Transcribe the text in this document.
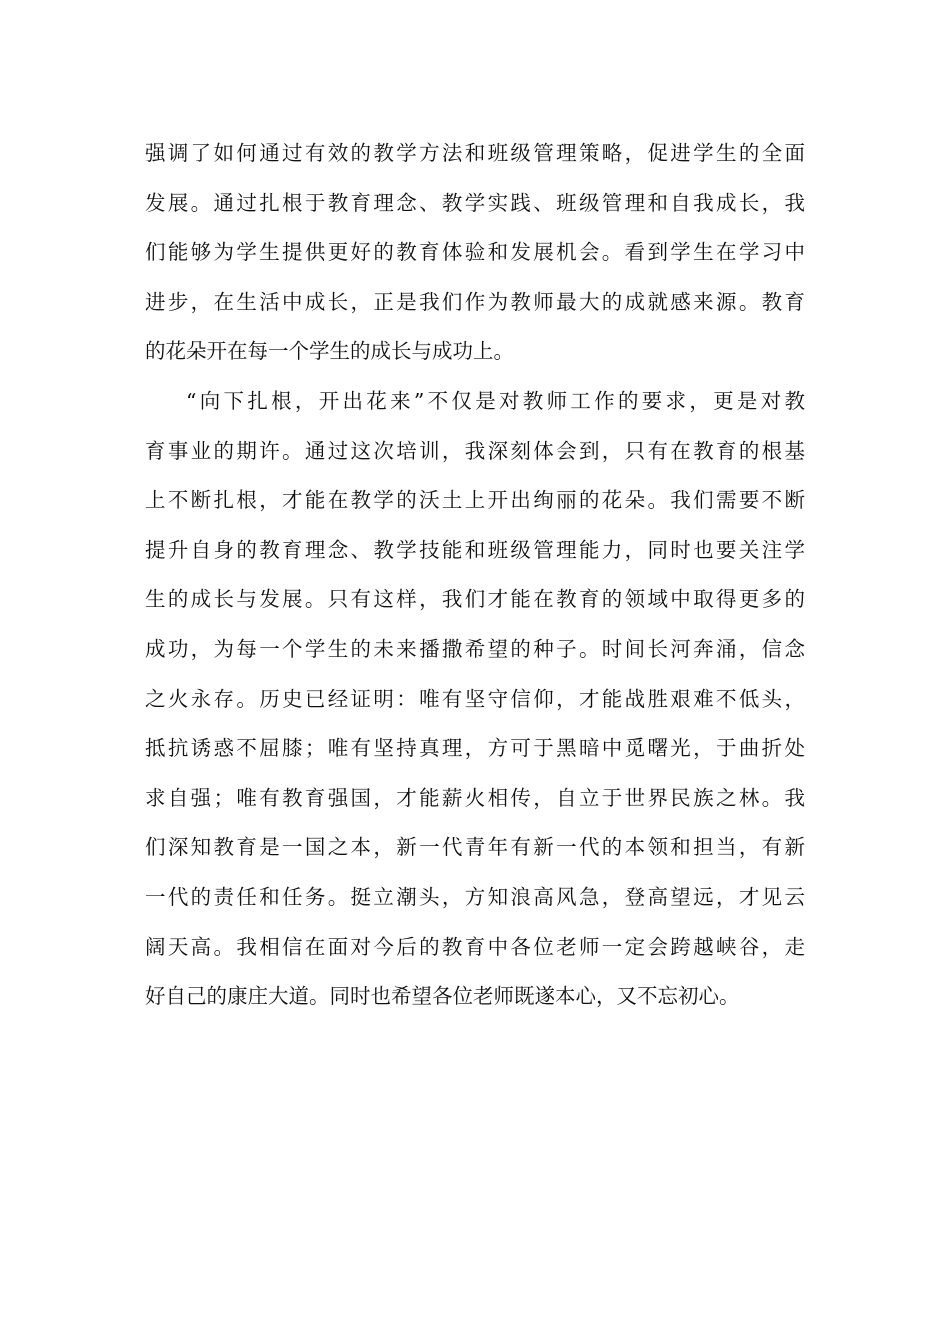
强调了如何通过有效的教学方法和班级管理策略，促进学生的全面
发展。通过扎根于教育理念、教学实践、班级管理和自我成长，我
们能够为学生提供更好的教育体验和发展机会。看到学生在学习中
进步，在生活中成长，正是我们作为教师最大的成就感来源。教育
的花朵开在每一个学生的成长与成功上。
“向下扎根，开出花来”不仅是对教师工作的要求，更是对教
育事业的期许。通过这次培训，我深刻体会到，只有在教育的根基
上不断扎根，才能在教学的沃土上开出绚丽的花朵。我们需要不断
提升自身的教育理念、教学技能和班级管理能力，同时也要关注学
生的成长与发展。只有这样，我们才能在教育的领域中取得更多的
成功，为每一个学生的未来播撒希望的种子。时间长河奔涌，信念
之火永存。历史已经证明：唯有坚守信仰，才能战胜艰难不低头，
抵抗诱惑不屈膝；唯有坚持真理，方可于黑暗中觅曙光，于曲折处
求自强；唯有教育强国，才能薪火相传，自立于世界民族之林。我
们深知教育是一国之本，新一代青年有新一代的本领和担当，有新
一代的责任和任务。挺立潮头，方知浪高风急，登高望远，才见云
阔天高。我相信在面对今后的教育中各位老师一定会跨越峡谷，走
好自己的康庄大道。同时也希望各位老师既遂本心，又不忘初心。
